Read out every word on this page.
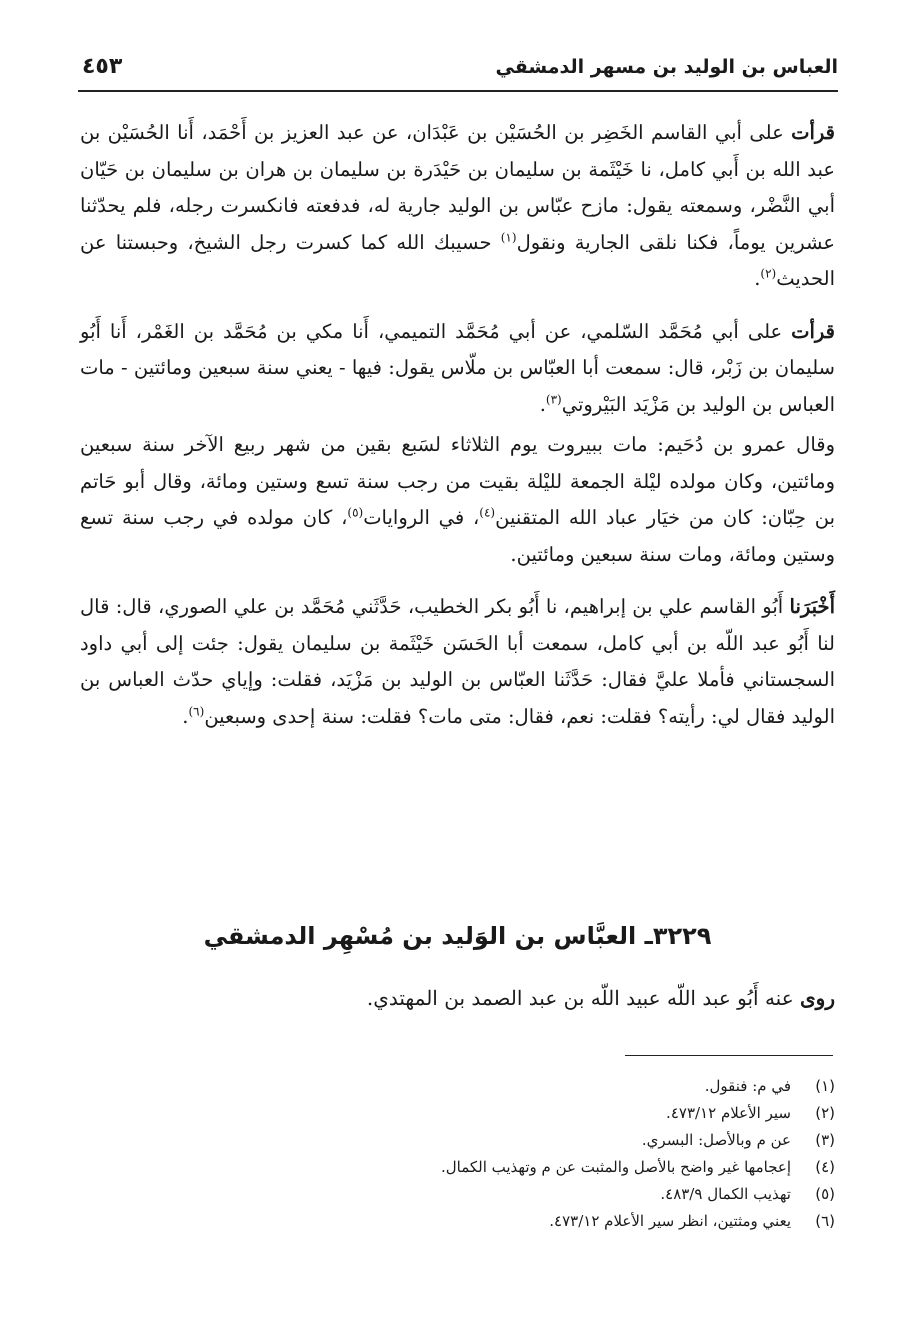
العباس بن الوليد بن مسهر الدمشقي
٤٥٣

قرأت على أبي القاسم الخَضِر بن الحُسَيْن بن عَبْدَان، عن عبد العزيز بن أَحْمَد، أَنا الحُسَيْن بن عبد الله بن أَبي كامل، نا خَيْثَمة بن سليمان بن حَيْدَرة بن سليمان بن هران بن سليمان بن حَيّان أبي النَّضْر، وسمعته يقول: مازح عبّاس بن الوليد جارية له، فدفعته فانكسرت رجله، فلم يحدّثنا عشرين يوماً، فكنا نلقى الجارية ونقول$^{(١)}$ حسيبك الله كما كسرت رجل الشيخ، وحبستنا عن الحديث$^{(٢)}$.

قرأت على أبي مُحَمَّد السّلمي، عن أبي مُحَمَّد التميمي، أَنا مكي بن مُحَمَّد بن الغَمْر، أَنا أَبُو سليمان بن زَبْر، قال: سمعت أبا العبّاس بن ملّاس يقول: فيها - يعني سنة سبعين ومائتين - مات العباس بن الوليد بن مَزْيَد البَيْروتي$^{(٣)}$.

وقال عمرو بن دُحَيم: مات ببيروت يوم الثلاثاء لسَبع بقين من شهر ربيع الآخر سنة سبعين ومائتين، وكان مولده ليْلة الجمعة لليْلة بقيت من رجب سنة تسع وستين ومائة، وقال أبو حَاتم بن حِبّان: كان من خيَار عباد الله المتقنين$^{(٤)}$، في الروايات$^{(٥)}$، كان مولده في رجب سنة تسع وستين ومائة، ومات سنة سبعين ومائتين.

أَخْبَرَنا أَبُو القاسم علي بن إبراهيم، نا أَبُو بكر الخطيب، حَدَّثَني مُحَمَّد بن علي الصوري، قال: قال لنا أَبُو عبد اللّه بن أبي كامل، سمعت أبا الحَسَن خَيْثَمة بن سليمان يقول: جئت إلى أبي داود السجستاني فأملا عليَّ فقال: حَدَّثَنا العبّاس بن الوليد بن مَزْيَد، فقلت: وإياي حدّث العباس بن الوليد فقال لي: رأيته؟ فقلت: نعم، فقال: متى مات؟ فقلت: سنة إحدى وسبعين$^{(٦)}$.

٣٢٢٩ـ العبَّاس بن الوَليد بن مُسْهِر الدمشقي
روى عنه أَبُو عبد اللّه عبيد اللّه بن عبد الصمد بن المهتدي.
(١)في م: فنقول.
(٢)سير الأعلام ٤٧٣/١٢.
(٣)عن م وبالأصل: البسري.
(٤)إعجامها غير واضح بالأصل والمثبت عن م وتهذيب الكمال.
(٥)تهذيب الكمال ٤٨٣/٩.
(٦)يعني ومثتين، انظر سير الأعلام ٤٧٣/١٢.
